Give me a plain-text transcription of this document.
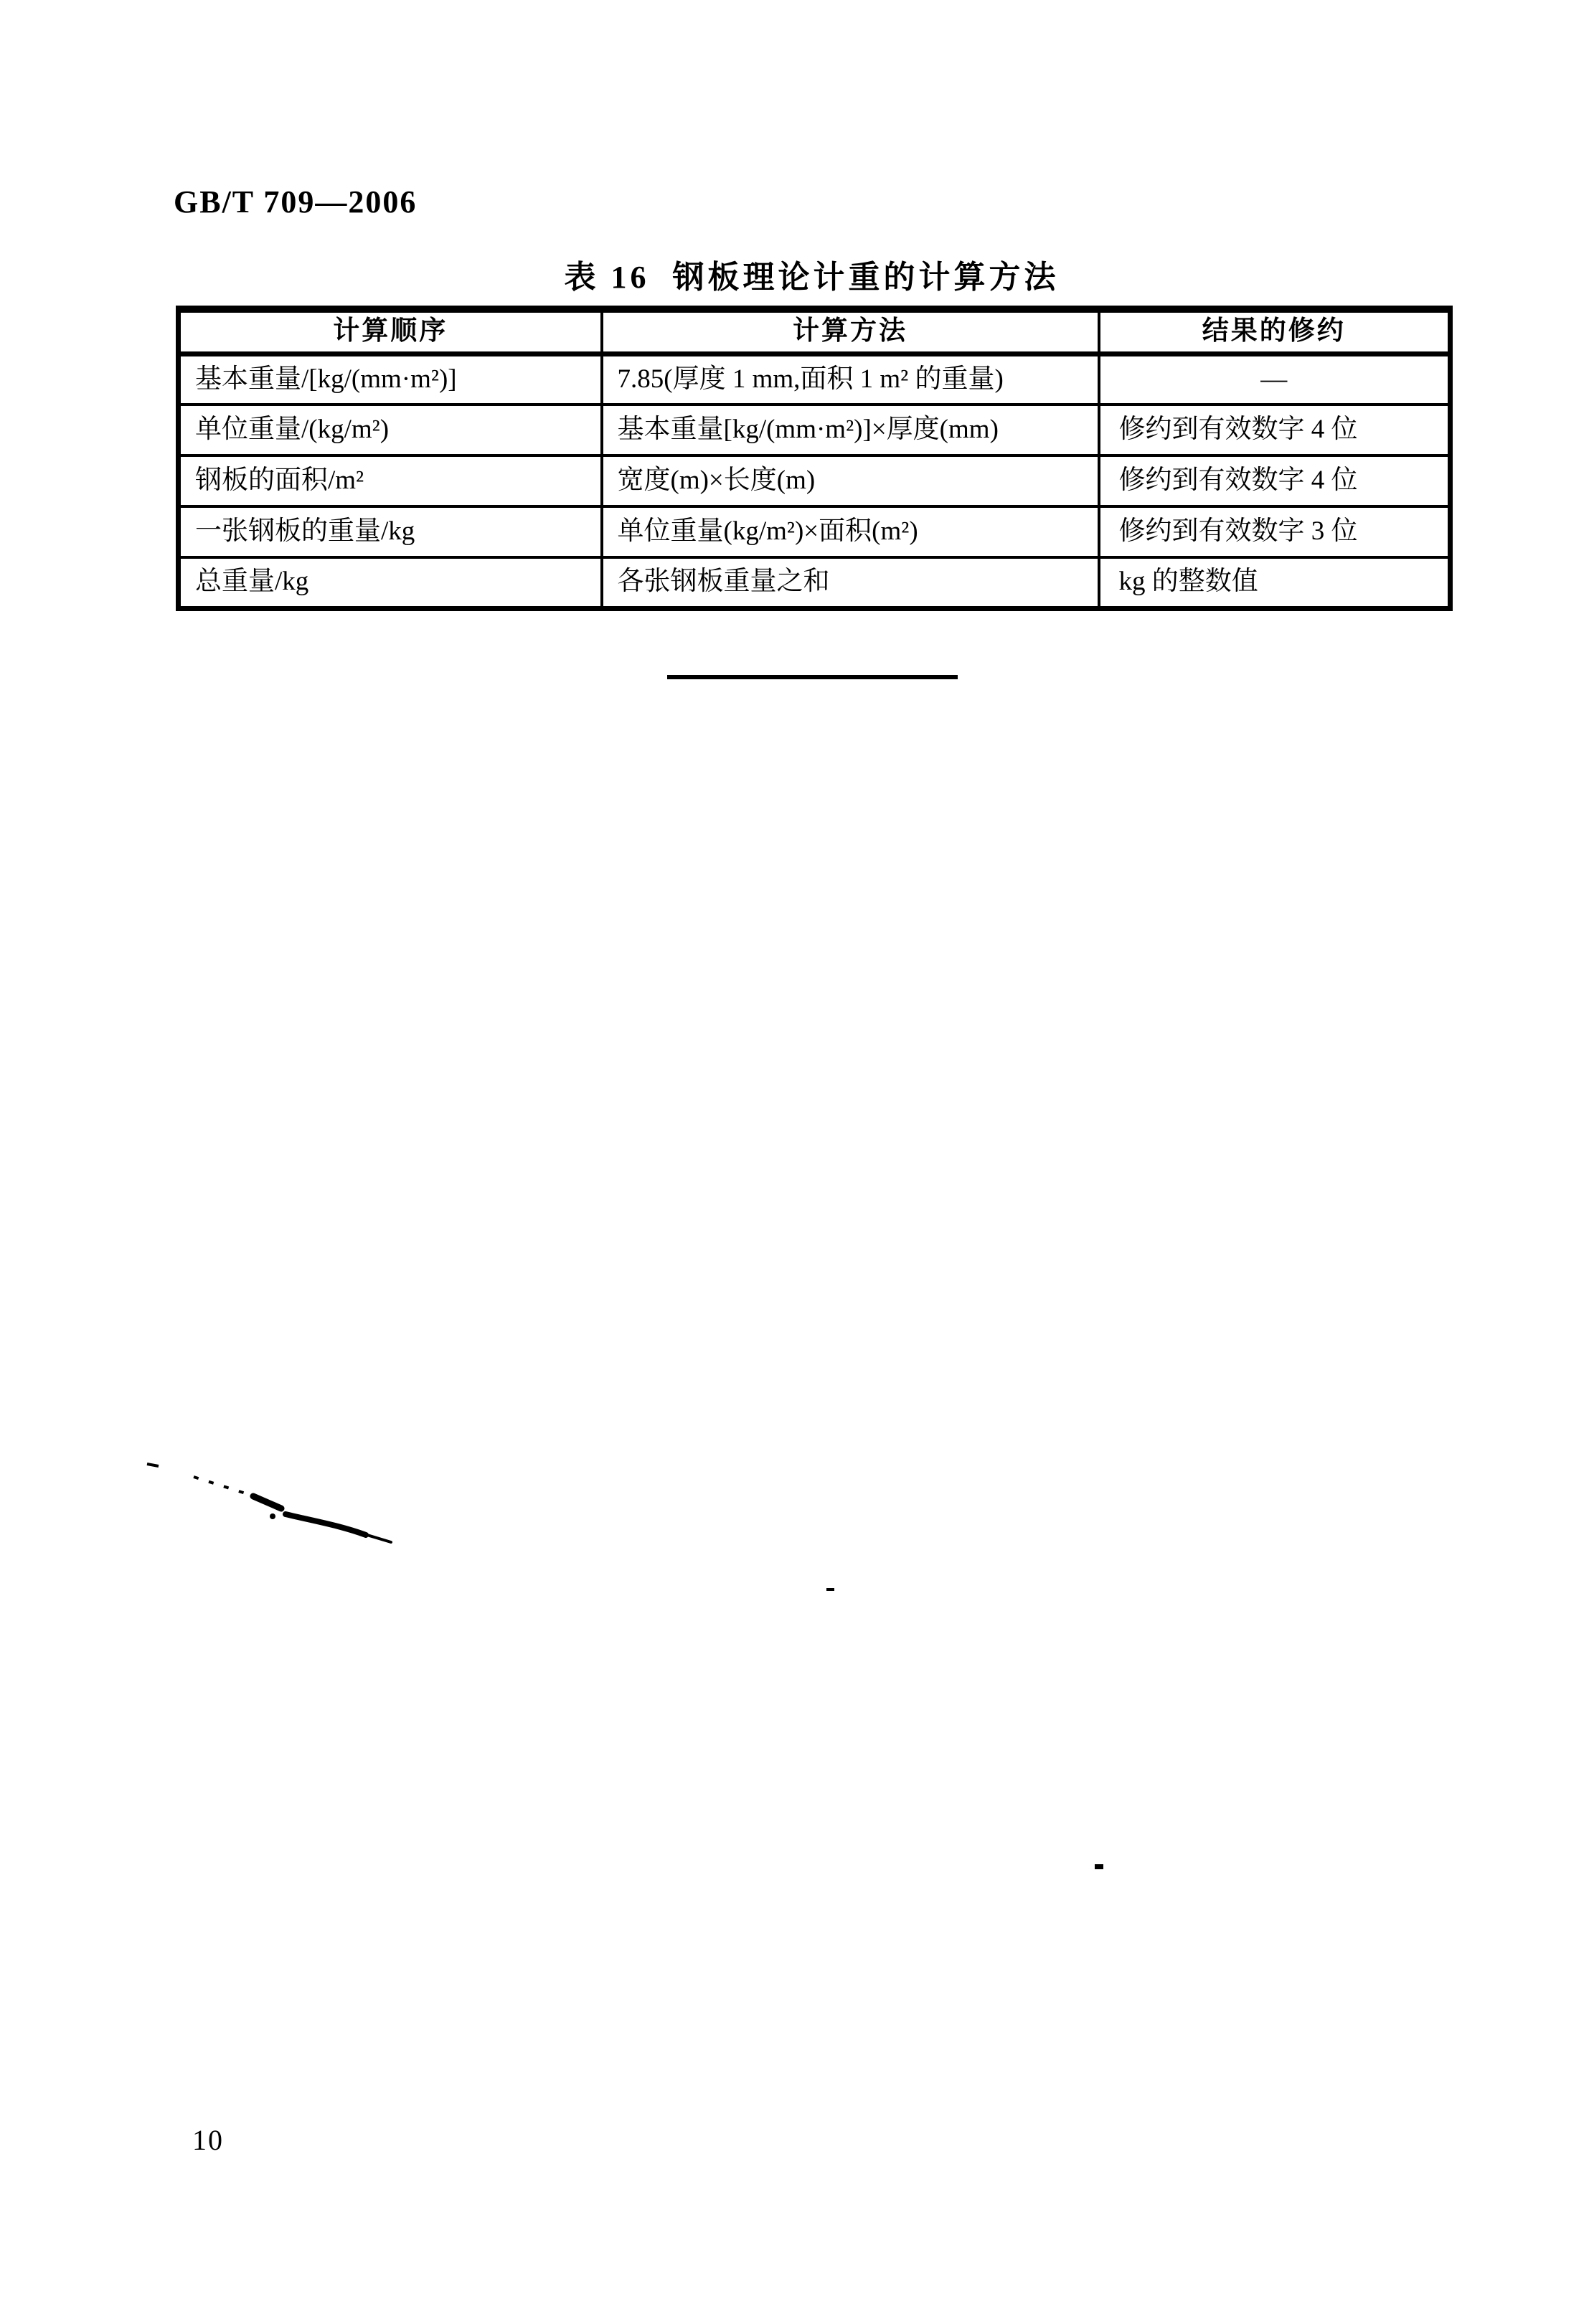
GB/T 709—2006
表 16  钢板理论计重的计算方法
计算顺序	计算方法	结果的修约
基本重量/[kg/(mm·m²)]	7.85(厚度 1 mm,面积 1 m² 的重量)	—
单位重量/(kg/m²)	基本重量[kg/(mm·m²)]×厚度(mm)	修约到有效数字 4 位
钢板的面积/m²	宽度(m)×长度(m)	修约到有效数字 4 位
一张钢板的重量/kg	单位重量(kg/m²)×面积(m²)	修约到有效数字 3 位
总重量/kg	各张钢板重量之和	kg 的整数值
10
